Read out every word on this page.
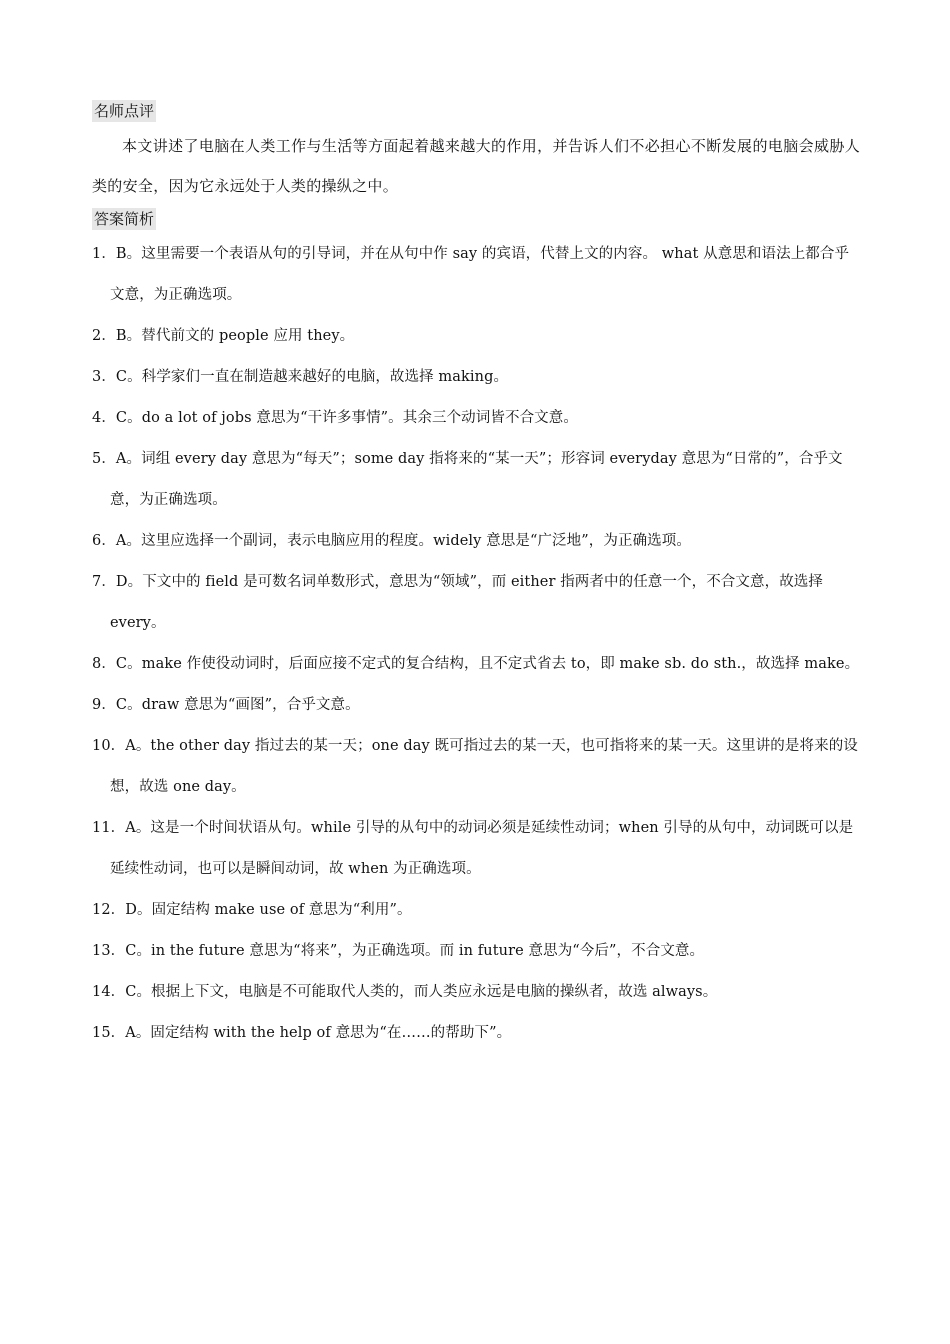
名师点评

本文讲述了电脑在人类工作与生活等方面起着越来越大的作用，并告诉人们不必担心不断发展的电脑会威胁人类的安全，因为它永远处于人类的操纵之中。

答案简析
1．B。这里需要一个表语从句的引导词，并在从句中作 say 的宾语，代替上文的内容。 what 从意思和语法上都合乎文意，为正确选项。
2．B。替代前文的 people 应用 they。
3．C。科学家们一直在制造越来越好的电脑，故选择 making。
4．C。do a lot of jobs 意思为“干许多事情”。其余三个动词皆不合文意。
5．A。词组 every day 意思为“每天”；some day 指将来的“某一天”；形容词 everyday 意思为“日常的”，合乎文意，为正确选项。
6．A。这里应选择一个副词，表示电脑应用的程度。widely 意思是“广泛地”，为正确选项。
7．D。下文中的 field 是可数名词单数形式，意思为“领域”，而 either 指两者中的任意一个，不合文意，故选择 every。
8．C。make 作使役动词时，后面应接不定式的复合结构，且不定式省去 to，即 make sb. do sth.，故选择 make。
9．C。draw 意思为“画图”，合乎文意。
10．A。the other day 指过去的某一天；one day 既可指过去的某一天，也可指将来的某一天。这里讲的是将来的设想，故选 one day。
11．A。这是一个时间状语从句。while 引导的从句中的动词必须是延续性动词；when 引导的从句中，动词既可以是延续性动词，也可以是瞬间动词，故 when 为正确选项。
12．D。固定结构 make use of 意思为“利用”。
13．C。in the future 意思为“将来”，为正确选项。而 in future 意思为“今后”，不合文意。
14．C。根据上下文，电脑是不可能取代人类的，而人类应永远是电脑的操纵者，故选 always。
15．A。固定结构 with the help of 意思为“在……的帮助下”。
